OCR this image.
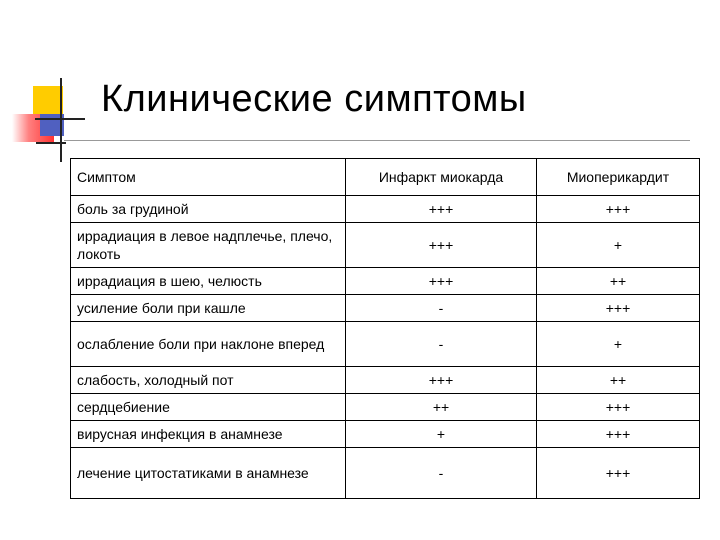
Клинические симптомы
Симптом	Инфаркт миокарда	Миоперикардит
боль за грудиной	+++	+++
иррадиация в левое надплечье, плечо, локоть	+++	+
иррадиация в шею, челюсть	+++	++
усиление боли при кашле	-	+++
ослабление боли при наклоне вперед	-	+
слабость, холодный пот	+++	++
сердцебиение	++	+++
вирусная инфекция в анамнезе	+	+++
лечение цитостатиками в анамнезе	-	+++
